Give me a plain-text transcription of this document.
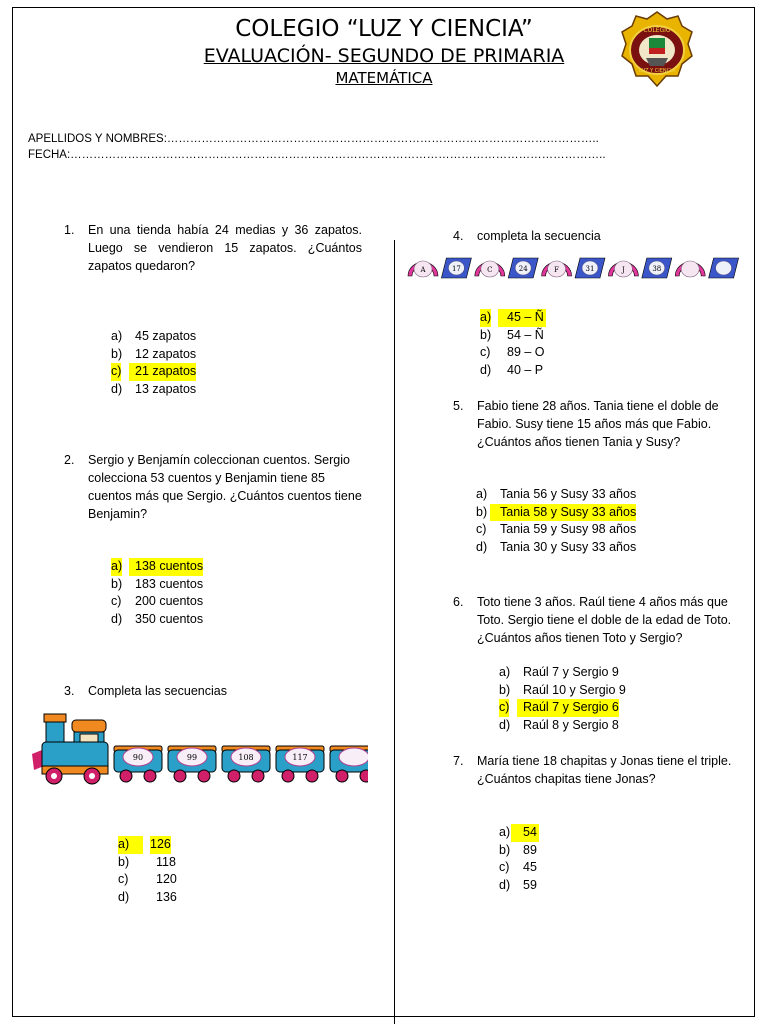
COLEGIO “LUZ Y CIENCIA”
EVALUACIÓN- SEGUNDO DE PRIMARIA
MATEMÁTICA
COLEGIO
LUZ Y CIENCIA
APELLIDOS Y NOMBRES:…………………………………………………………………………………………………..
FECHA:…………………………………………………………………………………………………………………………..
1. En una tienda había 24 medias y 36 zapatos. Luego se vendieron 15 zapatos. ¿Cuántos zapatos quedaron?
a) 45 zapatos
b) 12 zapatos
c)	21 zapatos
d) 13 zapatos
2. Sergio y Benjamín coleccionan cuentos. Sergio colecciona 53 cuentos y Benjamin tiene 85 cuentos más que Sergio. ¿Cuántos cuentos tiene Benjamin?
a)	138 cuentos
b) 183 cuentos
c) 200 cuentos
d) 350 cuentos
3. Completa las secuencias
90	99	108	117
a)	126
b) 118
c) 120
d) 136
4. completa la secuencia
A	17	C	24	F	31	J	38
a)	45 – Ñ
b) 54 – Ñ
c) 89 – O
d) 40 – P
5. Fabio tiene 28 años. Tania tiene el doble de Fabio. Susy tiene 15 años más que Fabio. ¿Cuántos años tienen Tania y Susy?
a) Tania 56 y Susy 33 años
b)	Tania 58 y Susy 33 años
c) Tania 59 y Susy 98 años
d) Tania 30 y Susy 33 años
6. Toto tiene 3 años. Raúl tiene 4 años más que Toto. Sergio tiene el doble de la edad de Toto. ¿Cuántos años tienen Toto y Sergio?
a) Raúl 7 y Sergio 9
b) Raúl 10 y Sergio 9
c)	Raúl 7 y Sergio 6
d) Raúl 8 y Sergio 8
7. María tiene 18 chapitas y Jonas tiene el triple. ¿Cuántos chapitas tiene Jonas?
a)	54
b) 89
c) 45
d) 59
